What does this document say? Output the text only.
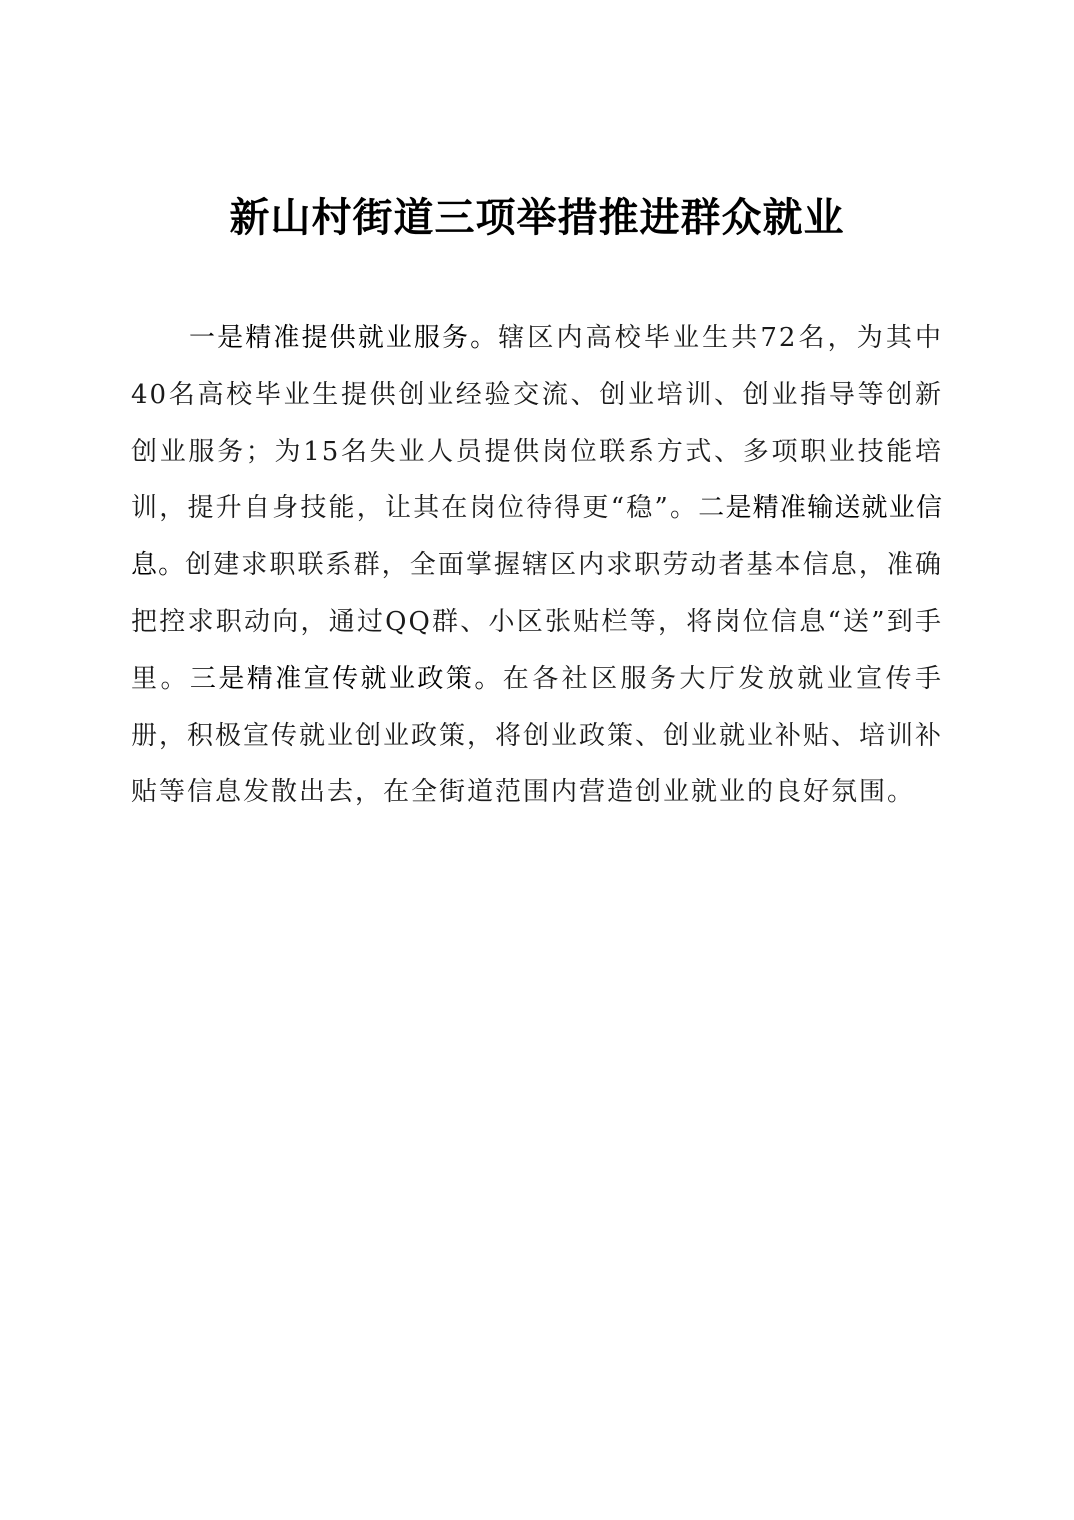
新山村街道三项举措推进群众就业

一是精准提供就业服务。辖区内高校毕业生共72名，为其中40名高校毕业生提供创业经验交流、创业培训、创业指导等创新创业服务；为15名失业人员提供岗位联系方式、多项职业技能培训，提升自身技能，让其在岗位待得更“稳”。二是精准输送就业信息。创建求职联系群，全面掌握辖区内求职劳动者基本信息，准确把控求职动向，通过QQ群、小区张贴栏等，将岗位信息“送”到手里。三是精准宣传就业政策。在各社区服务大厅发放就业宣传手册，积极宣传就业创业政策，将创业政策、创业就业补贴、培训补贴等信息发散出去，在全街道范围内营造创业就业的良好氛围。
